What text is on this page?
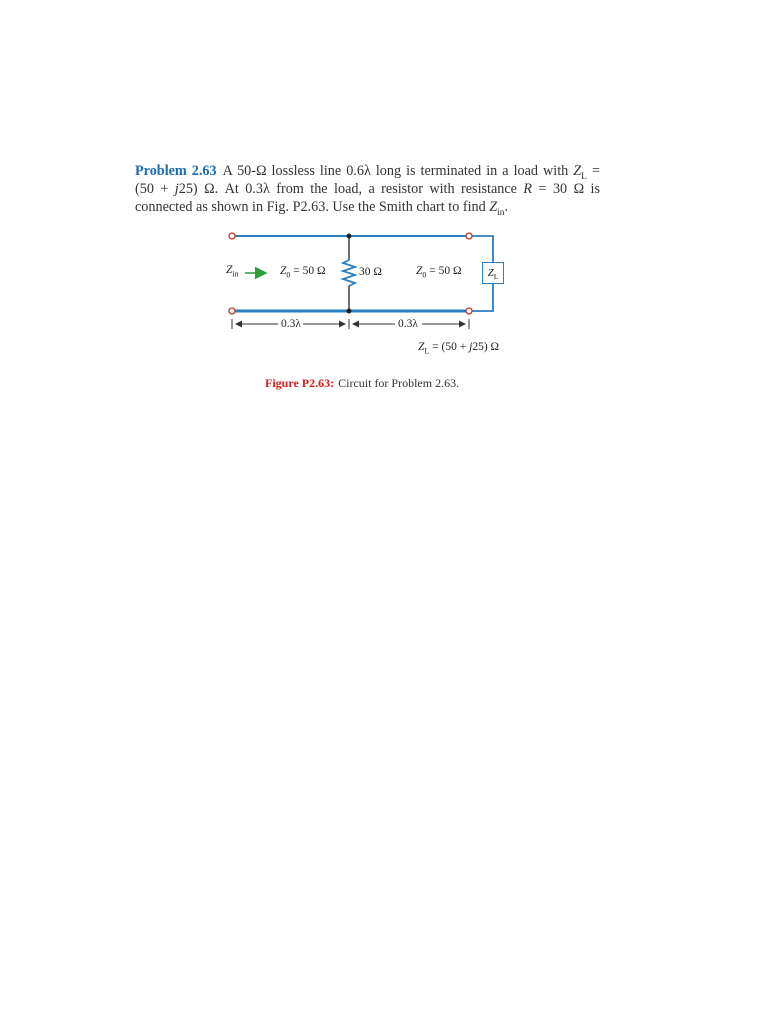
Problem 2.63 A 50-Ω lossless line 0.6λ long is terminated in a load with $Z_L = (50 + j25)$ Ω. At 0.3λ from the load, a resistor with resistance R = 30 Ω is connected as shown in Fig. P2.63. Use the Smith chart to find $Z_{in}$.
$Z_{in}$	$Z_0 = 50$ Ω	30 Ω	$Z_0 = 50$ Ω	$Z_L$
0.3λ	0.3λ
$Z_L = (50 + j25)$ Ω
Figure P2.63: Circuit for Problem 2.63.
